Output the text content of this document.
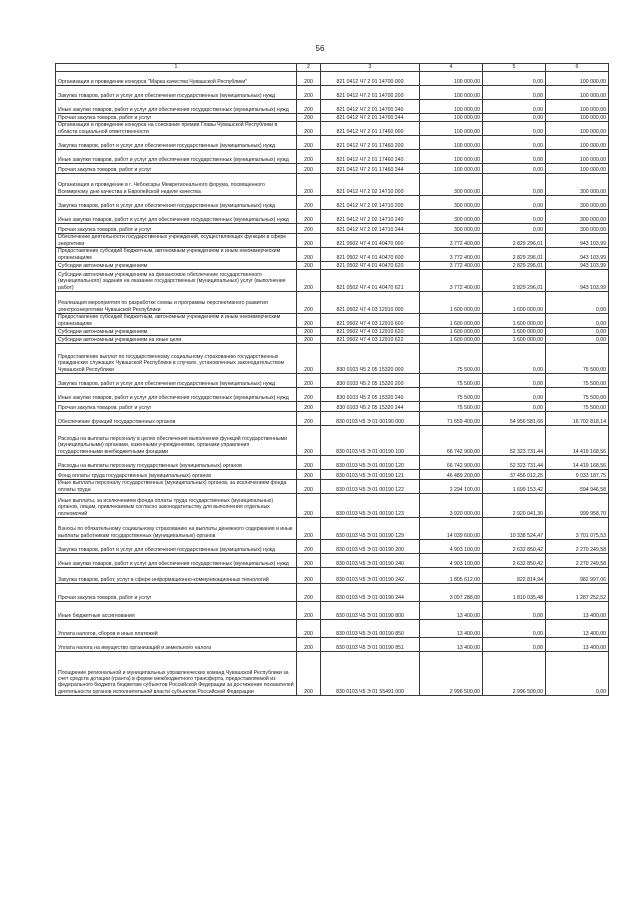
56
1	2	3	4	5	6
Организация и проведение конкурса "Марка качества Чувашской Республики"	200	821 0412 Ч7 2 01 14700 000	100 000,00	0,00	100 000,00
Закупка товаров, работ и услуг для обеспечения государственных (муниципальных) нужд	200	821 0412 Ч7 2 01 14700 200	100 000,00	0,00	100 000,00
Иные закупки товаров, работ и услуг для обеспечения государственных (муниципальных) нужд	200	821 0412 Ч7 2 01 14700 240	100 000,00	0,00	100 000,00
Прочая закупка товаров, работ и услуг	200	821 0412 Ч7 2 01 14700 244	100 000,00	0,00	100 000,00
Организация и проведение конкурса на соискание премии Главы Чувашской Республики в области социальной ответственности	200	821 0412 Ч7 2 01 17460 000	100 000,00	0,00	100 000,00
Закупка товаров, работ и услуг для обеспечения государственных (муниципальных) нужд	200	821 0412 Ч7 2 01 17460 200	100 000,00	0,00	100 000,00
Иные закупки товаров, работ и услуг для обеспечения государственных (муниципальных) нужд	200	821 0412 Ч7 2 01 17460 240	100 000,00	0,00	100 000,00
Прочая закупка товаров, работ и услуг	200	821 0412 Ч7 2 01 17460 244	100 000,00	0,00	100 000,00
Организация и проведение в г. Чебоксары Межрегионального форума, посвященного Всемирному дню качества и Европейской неделе качества	200	821 0412 Ч7 2 02 14710 000	300 000,00	0,00	300 000,00
Закупка товаров, работ и услуг для обеспечения государственных (муниципальных) нужд	200	821 0412 Ч7 2 02 14710 200	300 000,00	0,00	300 000,00
Иные закупки товаров, работ и услуг для обеспечения государственных (муниципальных) нужд	200	821 0412 Ч7 2 02 14710 240	300 000,00	0,00	300 000,00
Прочая закупка товаров, работ и услуг	200	821 0412 Ч7 2 02 14710 244	300 000,00	0,00	300 000,00
Обеспечение деятельности государственных учреждений, осуществляющих функции в сфере энергетики	200	821 0502 Ч7 4 01 40470 000	3 772 400,00	2 829 296,01	943 103,99
Предоставление субсидий бюджетным, автономным учреждениям и иным некоммерческим организациям	200	821 0502 Ч7 4 01 40470 600	3 772 400,00	2 829 296,01	943 103,99
Субсидии автономным учреждениям	200	821 0502 Ч7 4 01 40470 620	3 772 400,00	2 829 296,01	943 103,99
Субсидии автономным учреждениям на финансовое обеспечение государственного (муниципального) задания на оказание государственных (муниципальных) услуг (выполнение работ)	200	821 0502 Ч7 4 01 40470 621	3 772 400,00	2 829 296,01	943 103,99
Реализация мероприятия по разработке схемы и программы перспективного развития электроэнергетики Чувашской Республики	200	821 0502 Ч7 4 03 12910 000	1 600 000,00	1 600 000,00	0,00
Предоставление субсидий бюджетным, автономным учреждениям и иным некоммерческим организациям	200	821 0502 Ч7 4 03 12910 600	1 600 000,00	1 600 000,00	0,00
Субсидии автономным учреждениям	200	821 0502 Ч7 4 03 12910 620	1 600 000,00	1 600 000,00	0,00
Субсидии автономным учреждениям на иные цели	200	821 0502 Ч7 4 03 12910 622	1 600 000,00	1 600 000,00	0,00
Предоставление выплат по государственному социальному страхованию государственных гражданских служащих Чувашской Республики в случаях, установленных законодательством Чувашской Республики	200	830 0103 Ч5 2 05 15320 000	75 500,00	0,00	75 500,00
Закупка товаров, работ и услуг для обеспечения государственных (муниципальных) нужд	200	830 0103 Ч5 2 05 15320 200	75 500,00	0,00	75 500,00
Иные закупки товаров, работ и услуг для обеспечения государственных (муниципальных) нужд	200	830 0103 Ч5 2 05 15320 240	75 500,00	0,00	75 500,00
Прочая закупка товаров, работ и услуг	200	830 0103 Ч5 2 05 15320 244	75 500,00	0,00	75 500,00
Обеспечение функций государственных органов	200	830 0103 Ч5 Э 01 00190 000	71 659 400,00	54 956 581,66	16 702 818,14
Расходы на выплаты персоналу в целях обеспечения выполнения функций государственными (муниципальными) органами, казенными учреждениями, органами управления государственными внебюджетными фондами	200	830 0103 Ч5 Э 01 00190 100	66 742 900,00	52 323 731,44	14 419 168,56
Расходы на выплаты персоналу государственных (муниципальных) органов	200	830 0103 Ч5 Э 01 00190 120	66 742 900,00	52 323 731,44	14 419 168,56
Фонд оплаты труда государственных (муниципальных) органов	200	830 0103 Ч5 Э 01 00190 121	46 489 200,00	37 456 012,25	9 033 187,75
Иные выплаты персоналу государственных (муниципальных) органов, за исключением фонда оплаты труда	200	830 0103 Ч5 Э 01 00190 122	2 294 100,00	1 699 153,42	594 946,58
Иные выплаты, за исключением фонда оплаты труда государственных (муниципальных) органов, лицам, привлекаемым согласно законодательству для выполнения отдельных полномочий	200	830 0103 Ч5 Э 01 00190 123	3 920 000,00	2 920 041,30	999 958,70
Взносы по обязательному социальному страхованию на выплаты денежного содержания и иные выплаты работникам государственных (муниципальных) органов	200	830 0103 Ч5 Э 01 00190 129	14 039 600,00	10 338 524,47	3 701 075,53
Закупка товаров, работ и услуг для обеспечения государственных (муниципальных) нужд	200	830 0103 Ч5 Э 01 00190 200	4 903 100,00	2 632 850,42	2 270 249,58
Иные закупки товаров, работ и услуг для обеспечения государственных (муниципальных) нужд	200	830 0103 Ч5 Э 01 00190 240	4 903 100,00	2 632 850,42	2 270 249,58
Закупка товаров, работ, услуг в сфере информационно-коммуникационных технологий	200	830 0103 Ч5 Э 01 00190 242	1 805 612,00	822 814,94	982 997,06
Прочая закупка товаров, работ и услуг	200	830 0103 Ч5 Э 01 00190 244	3 097 288,00	1 810 035,48	1 287 252,52
Иные бюджетные ассигнования	200	830 0103 Ч5 Э 01 00190 800	13 400,00	0,00	13 400,00
Уплата налогов, сборов и иных платежей	200	830 0103 Ч5 Э 01 00190 850	13 400,00	0,00	13 400,00
Уплата налога на имущество организаций и земельного налога	200	830 0103 Ч5 Э 01 00190 851	13 400,00	0,00	13 400,00
Поощрение региональной и муниципальных управленческих команд Чувашской Республики за счет средств дотации (гранта) в форме межбюджетного трансферта, предоставляемой из федерального бюджета бюджетам субъектов Российской Федерации за достижение показателей деятельности органов исполнительной власти субъектов Российской Федерации	200	830 0103 Ч5 Э 01 55491 000	2 996 500,00	2 996 500,00	0,00
